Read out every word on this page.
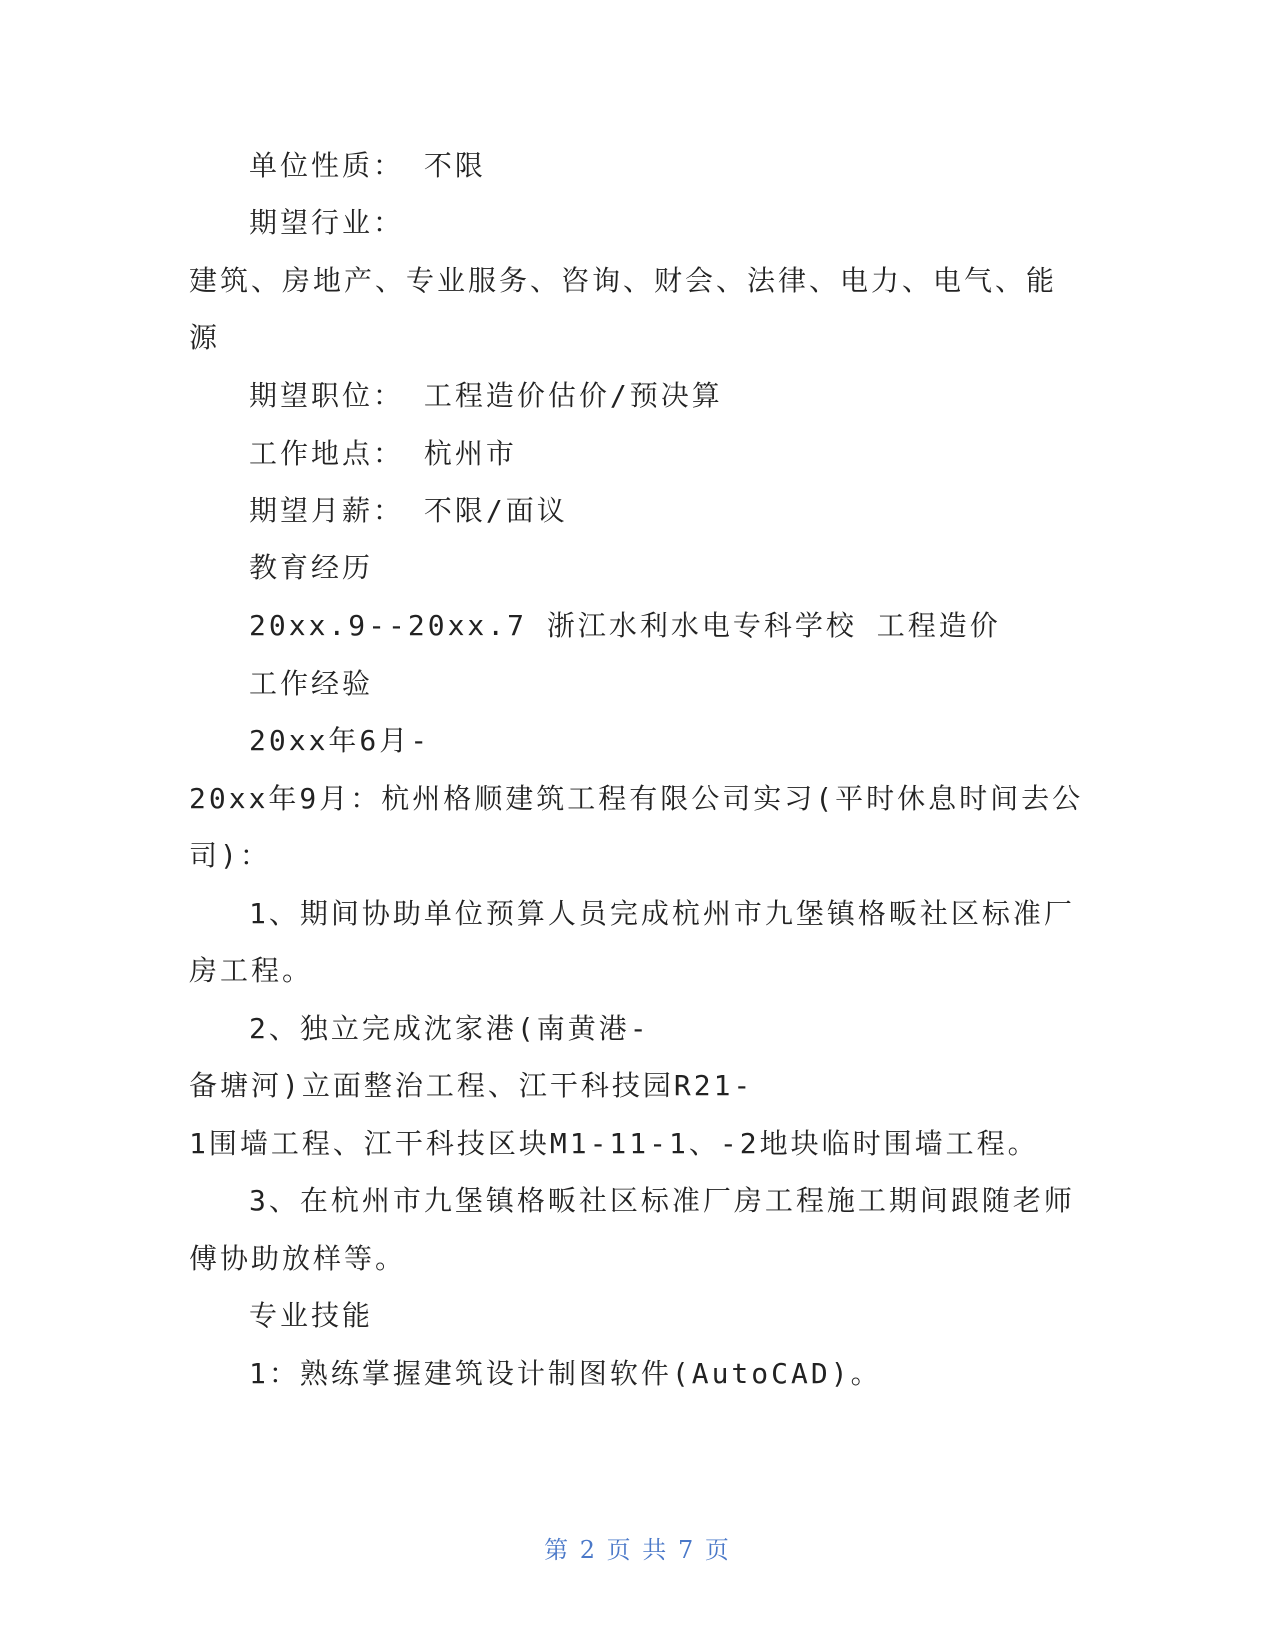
单位性质： 不限
期望行业：
建筑、房地产、专业服务、咨询、财会、法律、电力、电气、能
源
期望职位： 工程造价估价/预决算
工作地点： 杭州市
期望月薪： 不限/面议
教育经历
20xx.9--20xx.7 浙江水利水电专科学校 工程造价
工作经验
20xx年6月-
20xx年9月：杭州格顺建筑工程有限公司实习(平时休息时间去公
司)：
1、期间协助单位预算人员完成杭州市九堡镇格畈社区标准厂
房工程。
2、独立完成沈家港(南黄港-
备塘河)立面整治工程、江干科技园R21-
1围墙工程、江干科技区块M1-11-1、-2地块临时围墙工程。
3、在杭州市九堡镇格畈社区标准厂房工程施工期间跟随老师
傅协助放样等。
专业技能
1：熟练掌握建筑设计制图软件(AutoCAD)。
第 2 页 共 7 页
